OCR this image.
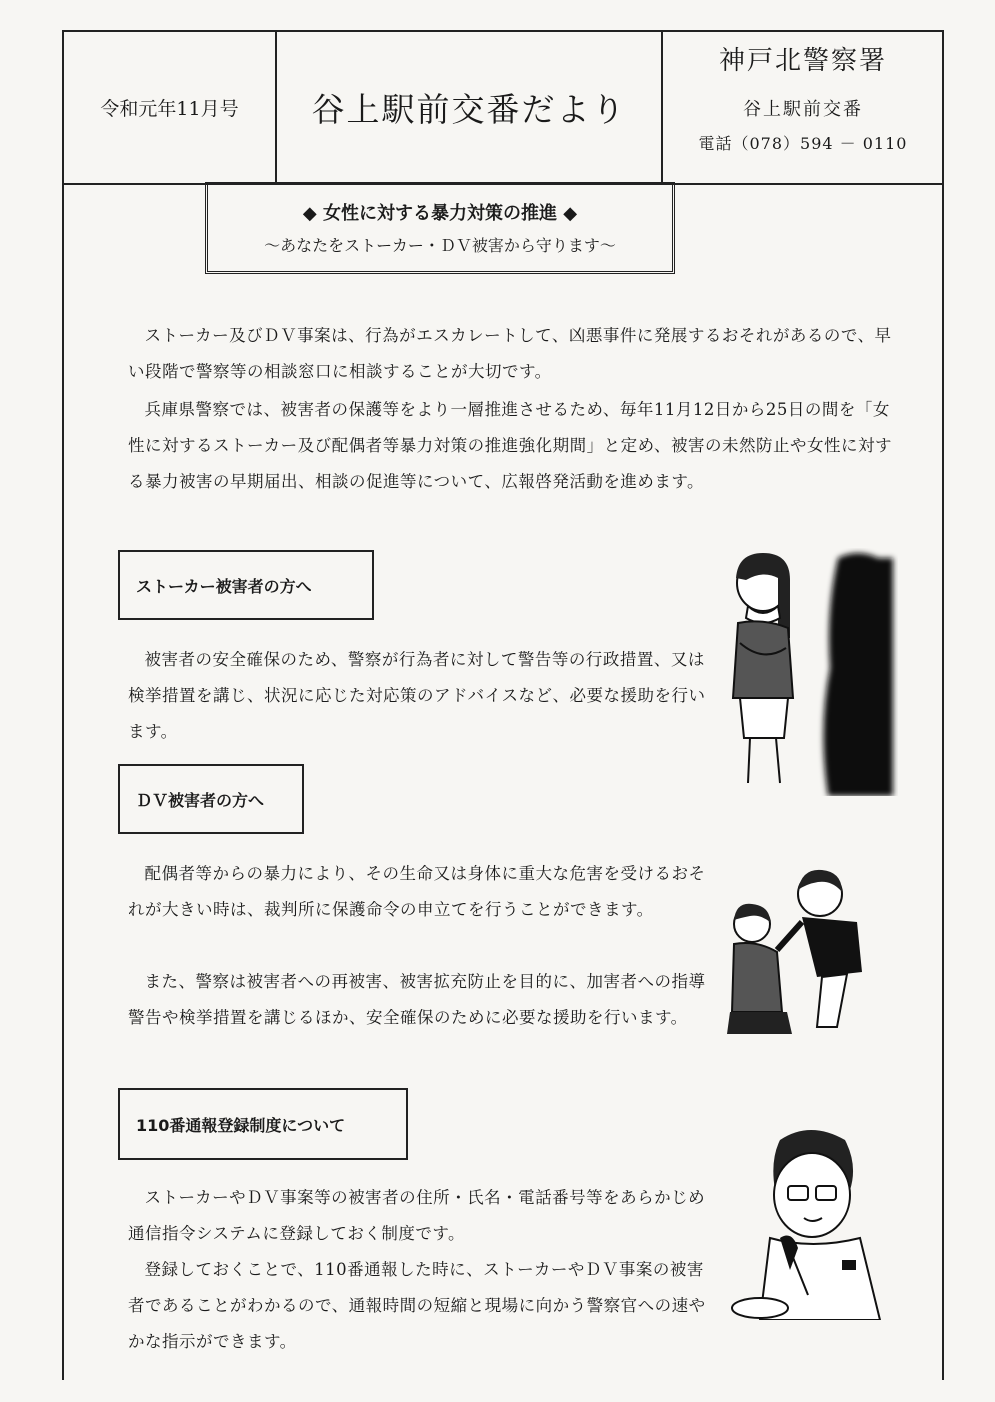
令和元年11月号	谷上駅前交番だより
神戸北警察署
谷上駅前交番
電話（078）594 － 0110
◆ 女性に対する暴力対策の推進 ◆
～あなたをストーカー・ＤＶ被害から守ります～

ストーカー及びＤＶ事案は、行為がエスカレートして、凶悪事件に発展するおそれがあるので、早い段階で警察等の相談窓口に相談することが大切です。

兵庫県警察では、被害者の保護等をより一層推進させるため、毎年11月12日から25日の間を「女性に対するストーカー及び配偶者等暴力対策の推進強化期間」と定め、被害の未然防止や女性に対する暴力被害の早期届出、相談の促進等について、広報啓発活動を進めます。

ストーカー被害者の方へ

被害者の安全確保のため、警察が行為者に対して警告等の行政措置、又は検挙措置を講じ、状況に応じた対応策のアドバイスなど、必要な援助を行います。

ＤＶ被害者の方へ

配偶者等からの暴力により、その生命又は身体に重大な危害を受けるおそれが大きい時は、裁判所に保護命令の申立てを行うことができます。

また、警察は被害者への再被害、被害拡充防止を目的に、加害者への指導警告や検挙措置を講じるほか、安全確保のために必要な援助を行います。

110番通報登録制度について

ストーカーやＤＶ事案等の被害者の住所・氏名・電話番号等をあらかじめ通信指令システムに登録しておく制度です。

登録しておくことで、110番通報した時に、ストーカーやＤＶ事案の被害者であることがわかるので、通報時間の短縮と現場に向かう警察官への速やかな指示ができます。
